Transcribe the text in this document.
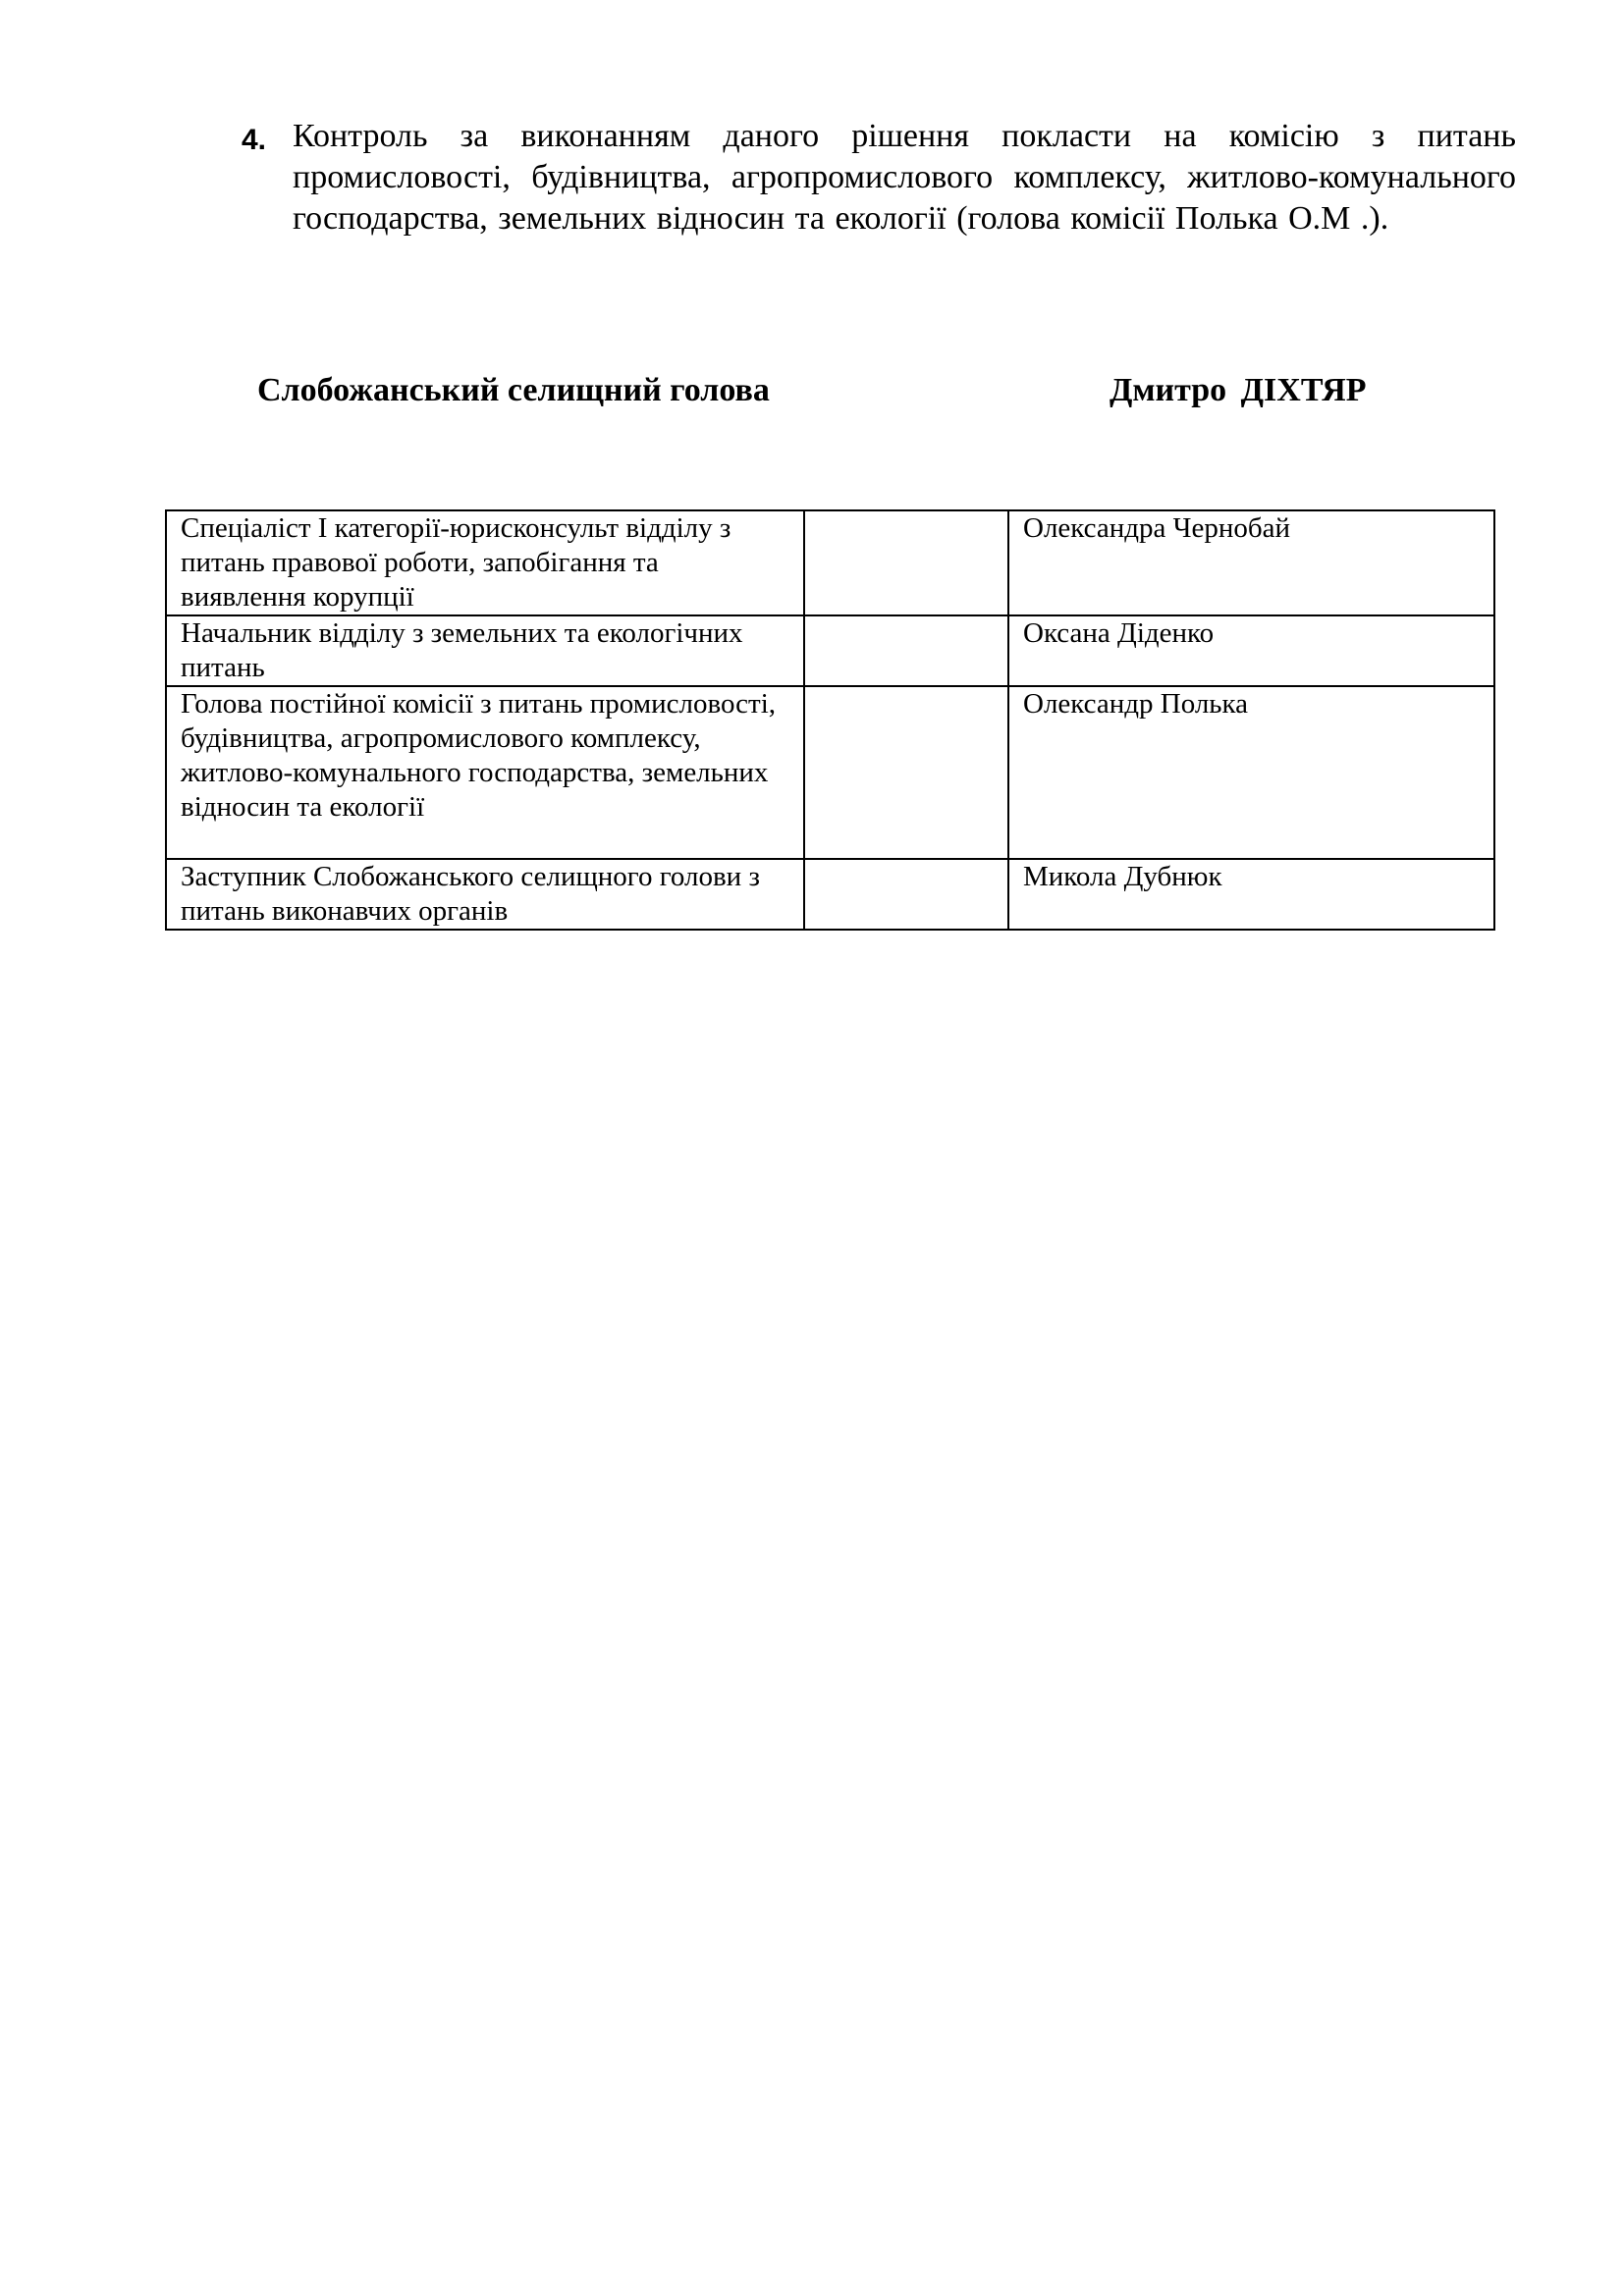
4. Контроль за виконанням даного рішення покласти на комісію з питань промисловості, будівництва, агропромислового комплексу, житлово-комунального господарства, земельних відносин та екології (голова комісії Полька О.М .).
Слобожанський селищний голова	Дмитро ДІХТЯР
Спеціаліст І категорії-юрисконсульт відділу з питань правової роботи, запобігання та виявлення корупції		Олександра Чернобай
Начальник відділу з земельних та екологічних питань		Оксана Діденко
Голова постійної комісії з питань промисловості, будівництва, агропромислового комплексу, житлово-комунального господарства, земельних відносин та екології		Олександр Полька
Заступник Слобожанського селищного голови з питань виконавчих органів		Микола Дубнюк
